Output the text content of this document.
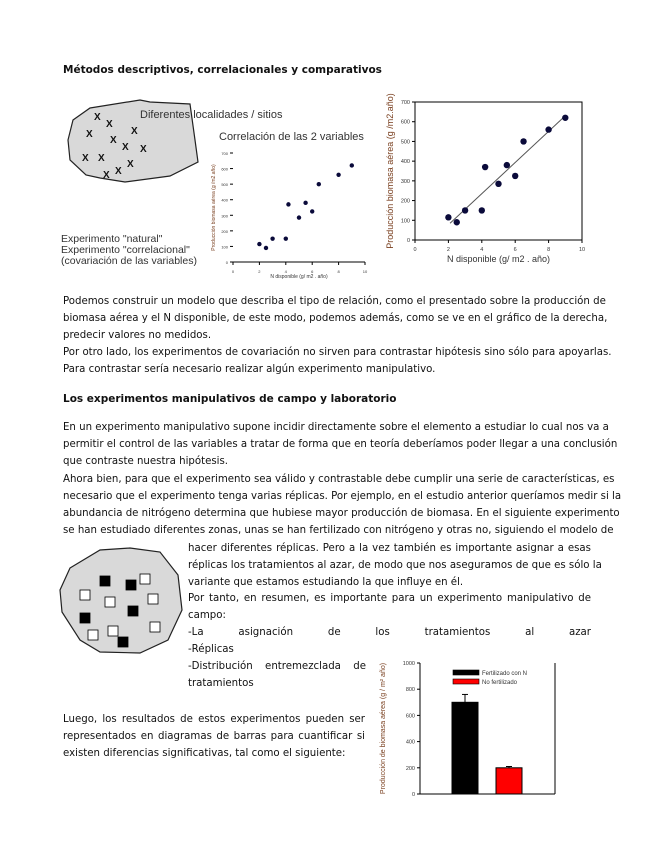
Métodos descriptivos, correlacionales y comparativos
0
100
200
300
400
500
600
700
0	2	4	6	8	10
N disponible (g/ m2 . año)
Producción biomasa aérea (g /m2.año)	0
100
200
300
400
500
600
700
0	2	4	6	8	10
N disponible (g/ m2 . año)
Producción biomasa aérea (g /m2.año)
0
200
400
600
800
1000
Fertilizado con N
No fertilizado
Producción de biomasa aérea (g / m² año)
Diferentes localidades / sitios
Correlación de las 2 variables
Experimento "natural"
Experimento "correlacional"
(covariación de las variables)
Los experimentos manipulativos de campo y laboratorio
-Distribución entremezclada de
tratamientos
Podemos construir un modelo que describa el tipo de relación, como el presentado sobre la producción de
biomasa aérea y el N disponible, de este modo, podemos además, como se ve en el gráfico de la derecha,
predecir valores no medidos.
Por otro lado, los experimentos de covariación no sirven para contrastar hipótesis sino sólo para apoyarlas.
Para contrastar sería necesario realizar algún experimento manipulativo.
En un experimento manipulativo supone incidir directamente sobre el elemento a estudiar lo cual nos va a
permitir el control de las variables a tratar de forma que en teoría deberíamos poder llegar a una conclusión
que contraste nuestra hipótesis.
Ahora bien, para que el experimento sea válido y contrastable debe cumplir una serie de características, es
necesario que el experimento tenga varias réplicas. Por ejemplo, en el estudio anterior queríamos medir si la
abundancia de nitrógeno determina que hubiese mayor producción de biomasa. En el siguiente experimento
se han estudiado diferentes zonas, unas se han fertilizado con nitrógeno y otras no, siguiendo el modelo de
hacer diferentes réplicas. Pero a la vez también es importante asignar a esas
réplicas los tratamientos al azar, de modo que nos aseguramos de que es sólo la
variante que estamos estudiando la que influye en él.
Por tanto, en resumen, es importante para un experimento manipulativo de
campo:
-La asignación de los tratamientos al azar
-Réplicas
Luego, los resultados de estos experimentos pueden ser
representados en diagramas de barras para cuantificar si
existen diferencias significativas, tal como el siguiente:
X
X
X
X
X
X X
X
X
X X
X
